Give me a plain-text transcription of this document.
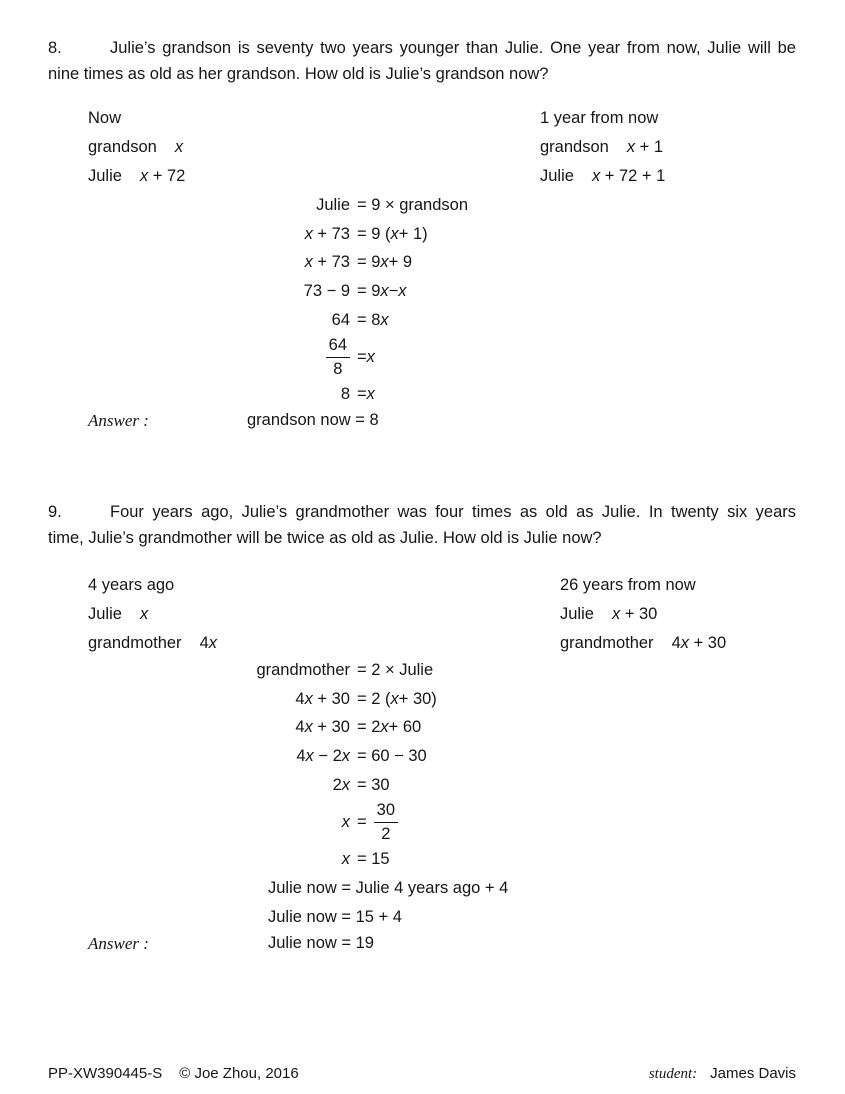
8.	Julie’s grandson is seventy two years younger than Julie. One year from now, Julie will be
nine times as old as her grandson. How old is Julie’s grandson now?
Now
grandson x
Julie x + 72
1 year from now
grandson x + 1
Julie x + 72 + 1
Julie = 9 × grandson
x + 73 = 9 ( x + 1)
x + 73 = 9 x + 9
73 − 9 = 9 x − x
64 = 8 x
$\frac{64}{8} = x$
8 = x
Answer :	grandson now = 8
9.	Four years ago, Julie’s grandmother was four times as old as Julie. In twenty six years
time, Julie’s grandmother will be twice as old as Julie. How old is Julie now?
4 years ago
Julie x
grandmother 4x
26 years from now
Julie x + 30
grandmother 4x + 30
grandmother = 2 × Julie
4x + 30 = 2 ( x + 30)
4x + 30 = 2 x + 60
4x − 2x = 60 − 30
2x = 30
$x = \frac{30}{2}$
x = 15
Julie now = Julie 4 years ago + 4
Julie now = 15 + 4
Answer :	Julie now = 19
PP-XW390445-S © Joe Zhou, 2016	student: James Davis
